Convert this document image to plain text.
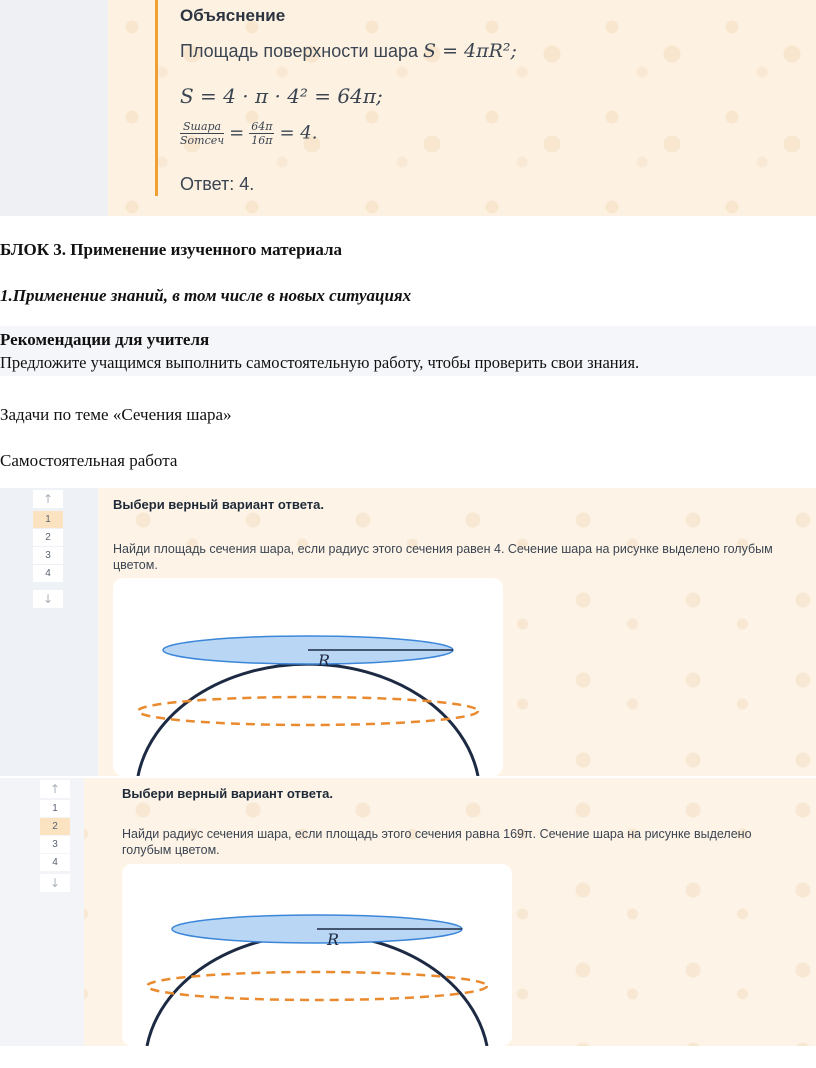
Объяснение
Площадь поверхности шара S = 4πR²;
S = 4 · π · 4² = 64π;
$\frac{\text{Sшара}}{\text{Sотсеч}} = \frac{64\pi}{16\pi} = 4$.
Ответ: 4.
БЛОК 3. Применение изученного материала
1.Применение знаний, в том числе в новых ситуациях
Рекомендации для учителя
Предложите учащимся выполнить самостоятельную работу, чтобы проверить свои знания.
Задачи по теме «Сечения шара»
Самостоятельная работа
↑
1
2
3
4
↓
Выбери верный вариант ответа.
Найди площадь сечения шара, если радиус этого сечения равен 4. Сечение шара на рисунке выделено голубым цветом.
R
↑
1
2
3
4
↓
Выбери верный вариант ответа.
Найди радиус сечения шара, если площадь этого сечения равна 169π. Сечение шара на рисунке выделено голубым цветом.
R
